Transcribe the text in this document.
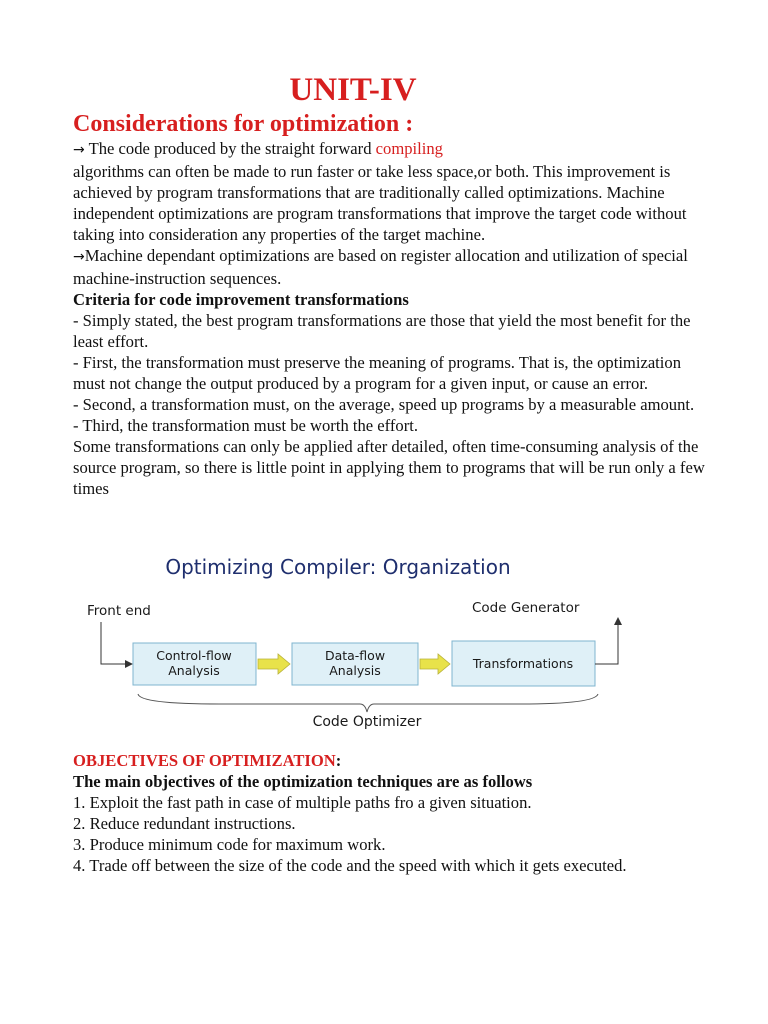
UNIT-IV
Considerations for optimization :

→ The code produced by the straight forward compiling
algorithms can often be made to run faster or take less space,or both. This improvement is achieved by program transformations that are traditionally called optimizations. Machine independent optimizations are program transformations that improve the target code without taking into consideration any properties of the target machine.

→Machine dependant optimizations are based on register allocation and utilization of special machine-instruction sequences.

Criteria for code improvement transformations

- Simply stated, the best program transformations are those that yield the most benefit for the least effort.

- First, the transformation must preserve the meaning of programs. That is, the optimization must not change the output produced by a program for a given input, or cause an error.

- Second, a transformation must, on the average, speed up programs by a measurable amount.

- Third, the transformation must be worth the effort.

Some transformations can only be applied after detailed, often time-consuming analysis of the source program, so there is little point in applying them to programs that will be run only a few times

Optimizing Compiler: Organization
Front end	Code Generator
Control-flow
Analysis
Data-flow
Analysis	Transformations
Code Optimizer

OBJECTIVES OF OPTIMIZATION:

The main objectives of the optimization techniques are as follows

1. Exploit the fast path in case of multiple paths fro a given situation.

2. Reduce redundant instructions.

3. Produce minimum code for maximum work.

4. Trade off between the size of the code and the speed with which it gets executed.
